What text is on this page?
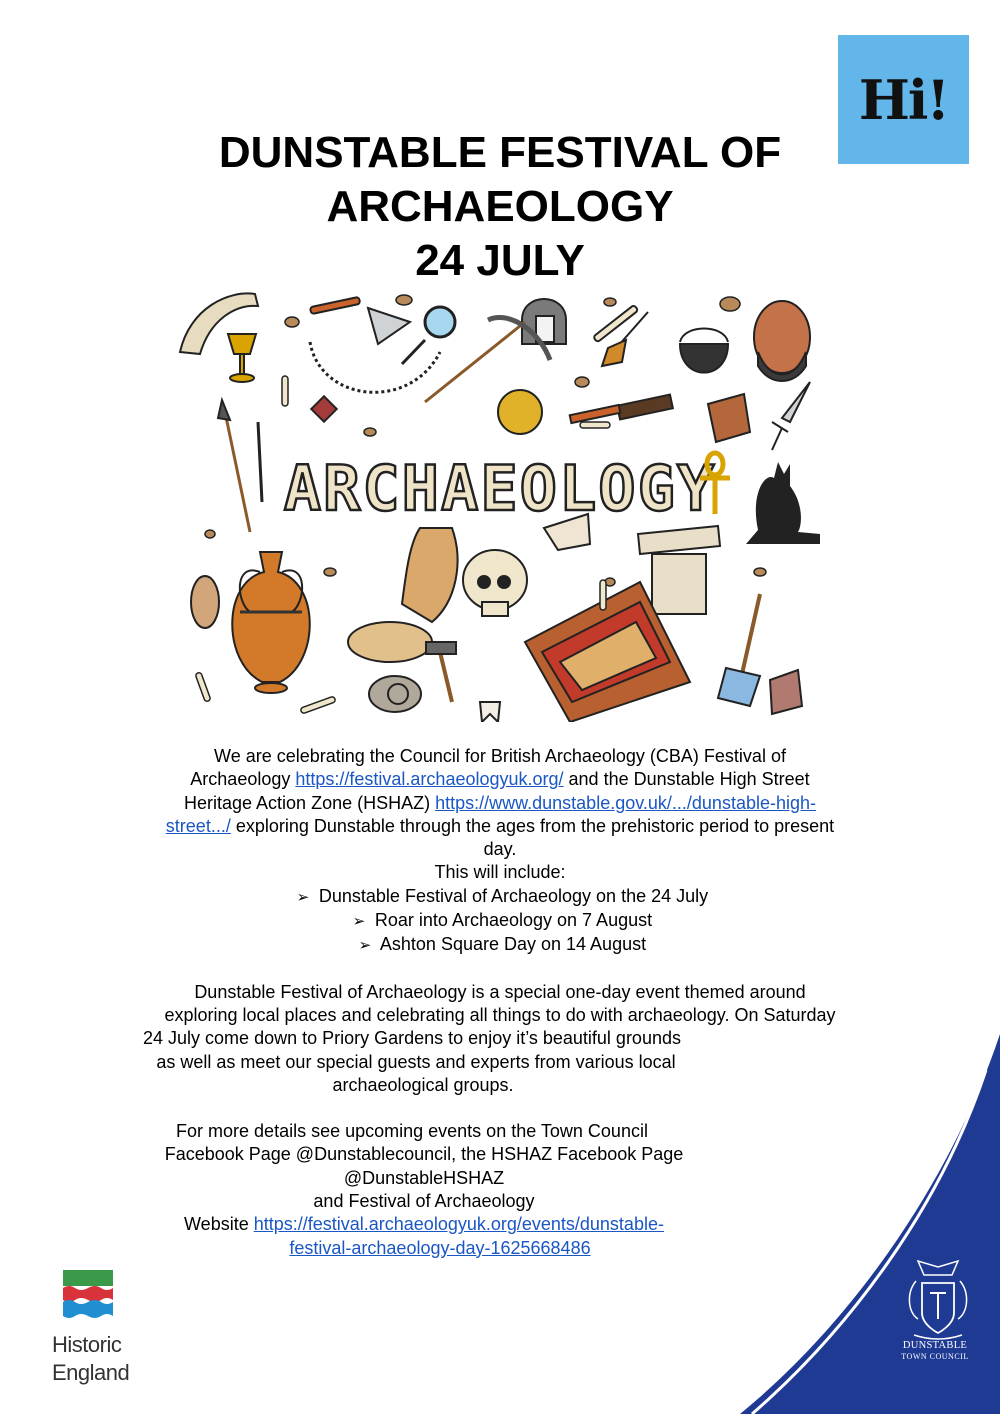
Hi!
DUNSTABLE FESTIVAL OF
ARCHAEOLOGY
24 JULY
ARCHAEOLOGY

We are celebrating the Council for British Archaeology (CBA) Festival of

Archaeology https://festival.archaeologyuk.org/ and the Dunstable High Street

Heritage Action Zone (HSHAZ) https://www.dunstable.gov.uk/.../dunstable-high-

street.../ exploring Dunstable through the ages from the prehistoric period to present

day.

This will include:

➢ Dunstable Festival of Archaeology on the 24 July
➢ Roar into Archaeology on 7 August
➢ Ashton Square Day on 14 August

Dunstable Festival of Archaeology is a special one-day event themed around

exploring local places and celebrating all things to do with archaeology. On Saturday

24 July come down to Priory Gardens to enjoy it’s beautiful grounds

as well as meet our special guests and experts from various local

archaeological groups.

For more details see upcoming events on the Town Council

Facebook Page @Dunstablecouncil, the HSHAZ Facebook Page

@DunstableHSHAZ

and Festival of Archaeology

Website https://festival.archaeologyuk.org/events/dunstable-

festival-archaeology-day-1625668486

Historic
England
DUNSTABLE
TOWN COUNCIL
